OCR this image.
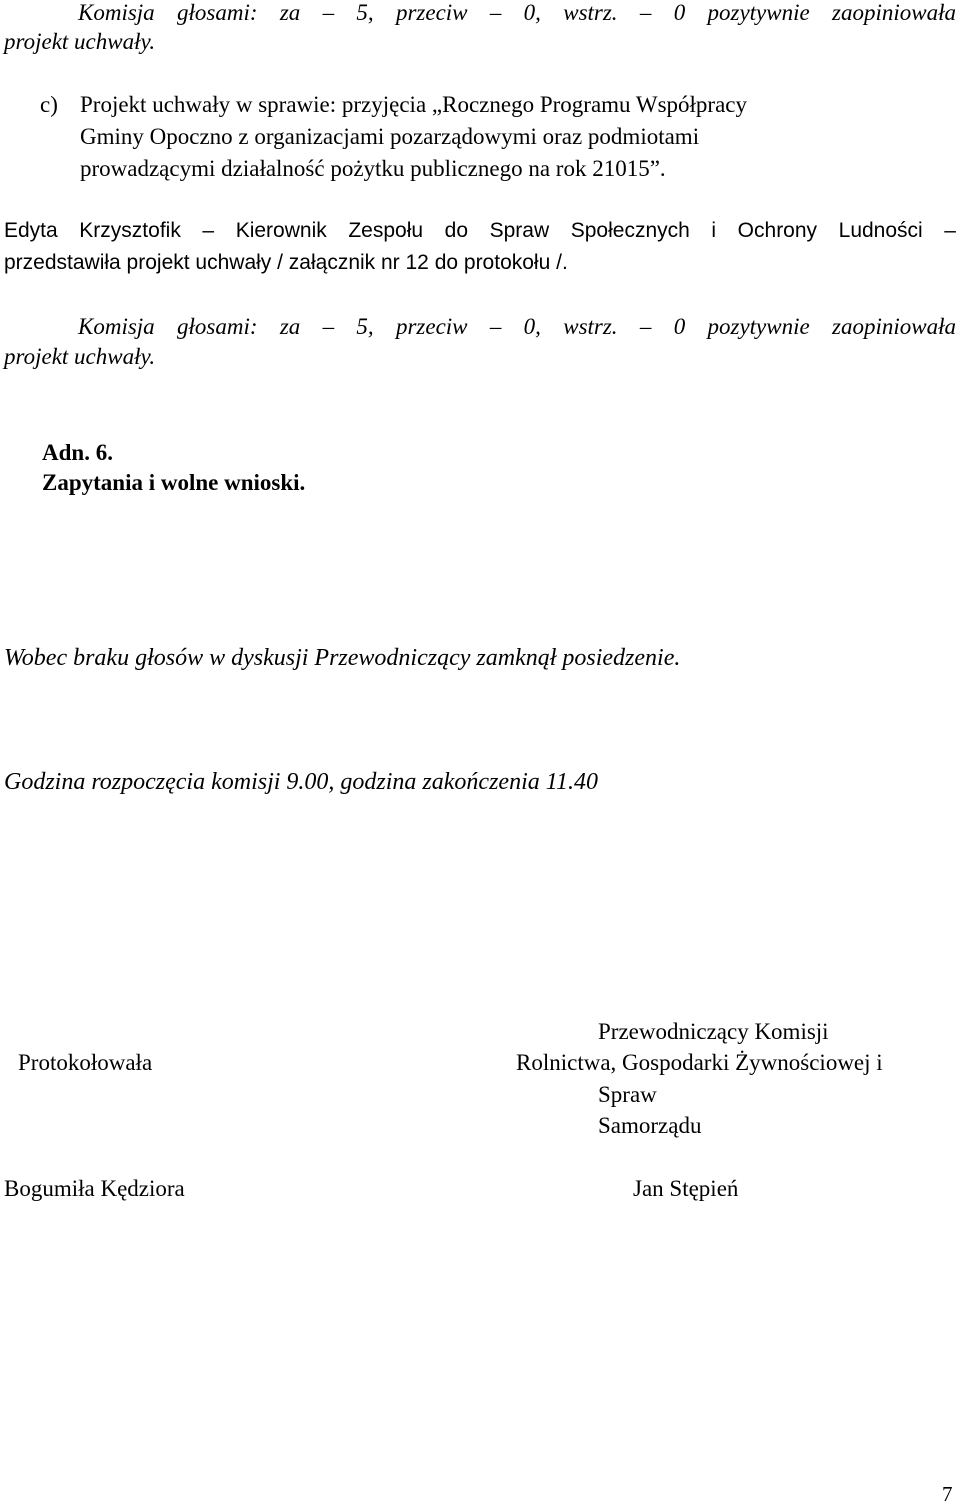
Komisja głosami: za – 5, przeciw – 0, wstrz. – 0 pozytywnie zaopiniowała
projekt uchwały.
c) Projekt uchwały w sprawie: przyjęcia „Rocznego Programu Współpracy
Gminy Opoczno z organizacjami pozarządowymi oraz podmiotami
prowadzącymi działalność pożytku publicznego na rok 21015”.
Edyta Krzysztofik – Kierownik Zespołu do Spraw Społecznych i Ochrony Ludności –
przedstawiła projekt uchwały / załącznik nr 12 do protokołu /.
Komisja głosami: za – 5, przeciw – 0, wstrz. – 0 pozytywnie zaopiniowała
projekt uchwały.
Adn. 6.
Zapytania i wolne wnioski.
Wobec braku głosów w dyskusji Przewodniczący zamknął posiedzenie.
Godzina rozpoczęcia komisji 9.00, godzina zakończenia 11.40
Protokołowała
Bogumiła Kędziora
Przewodniczący Komisji
Rolnictwa, Gospodarki Żywnościowej i
Spraw
Samorządu
Jan Stępień
7
